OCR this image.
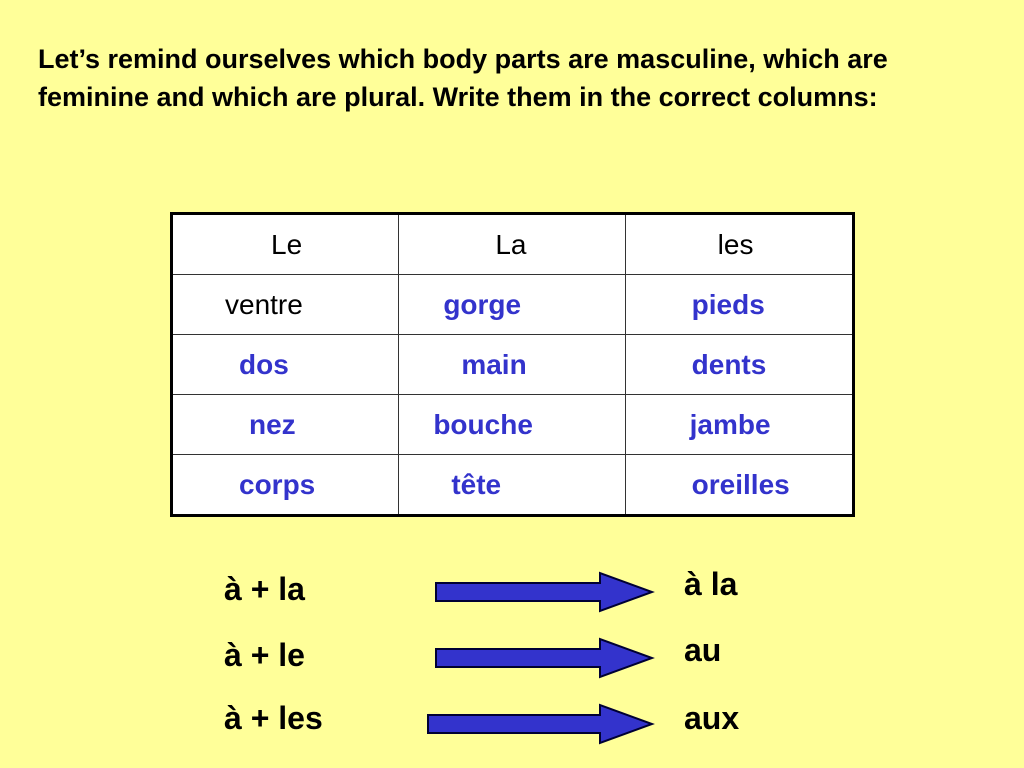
Let’s remind ourselves which body parts are masculine, which are feminine and which are plural. Write them in the correct columns:

Le	La	les

ventre	gorge	pieds

dos	main	dents

nez	bouche	jambe

corps	tête	oreilles
à + la	à la
à + le	au
à + les	aux
